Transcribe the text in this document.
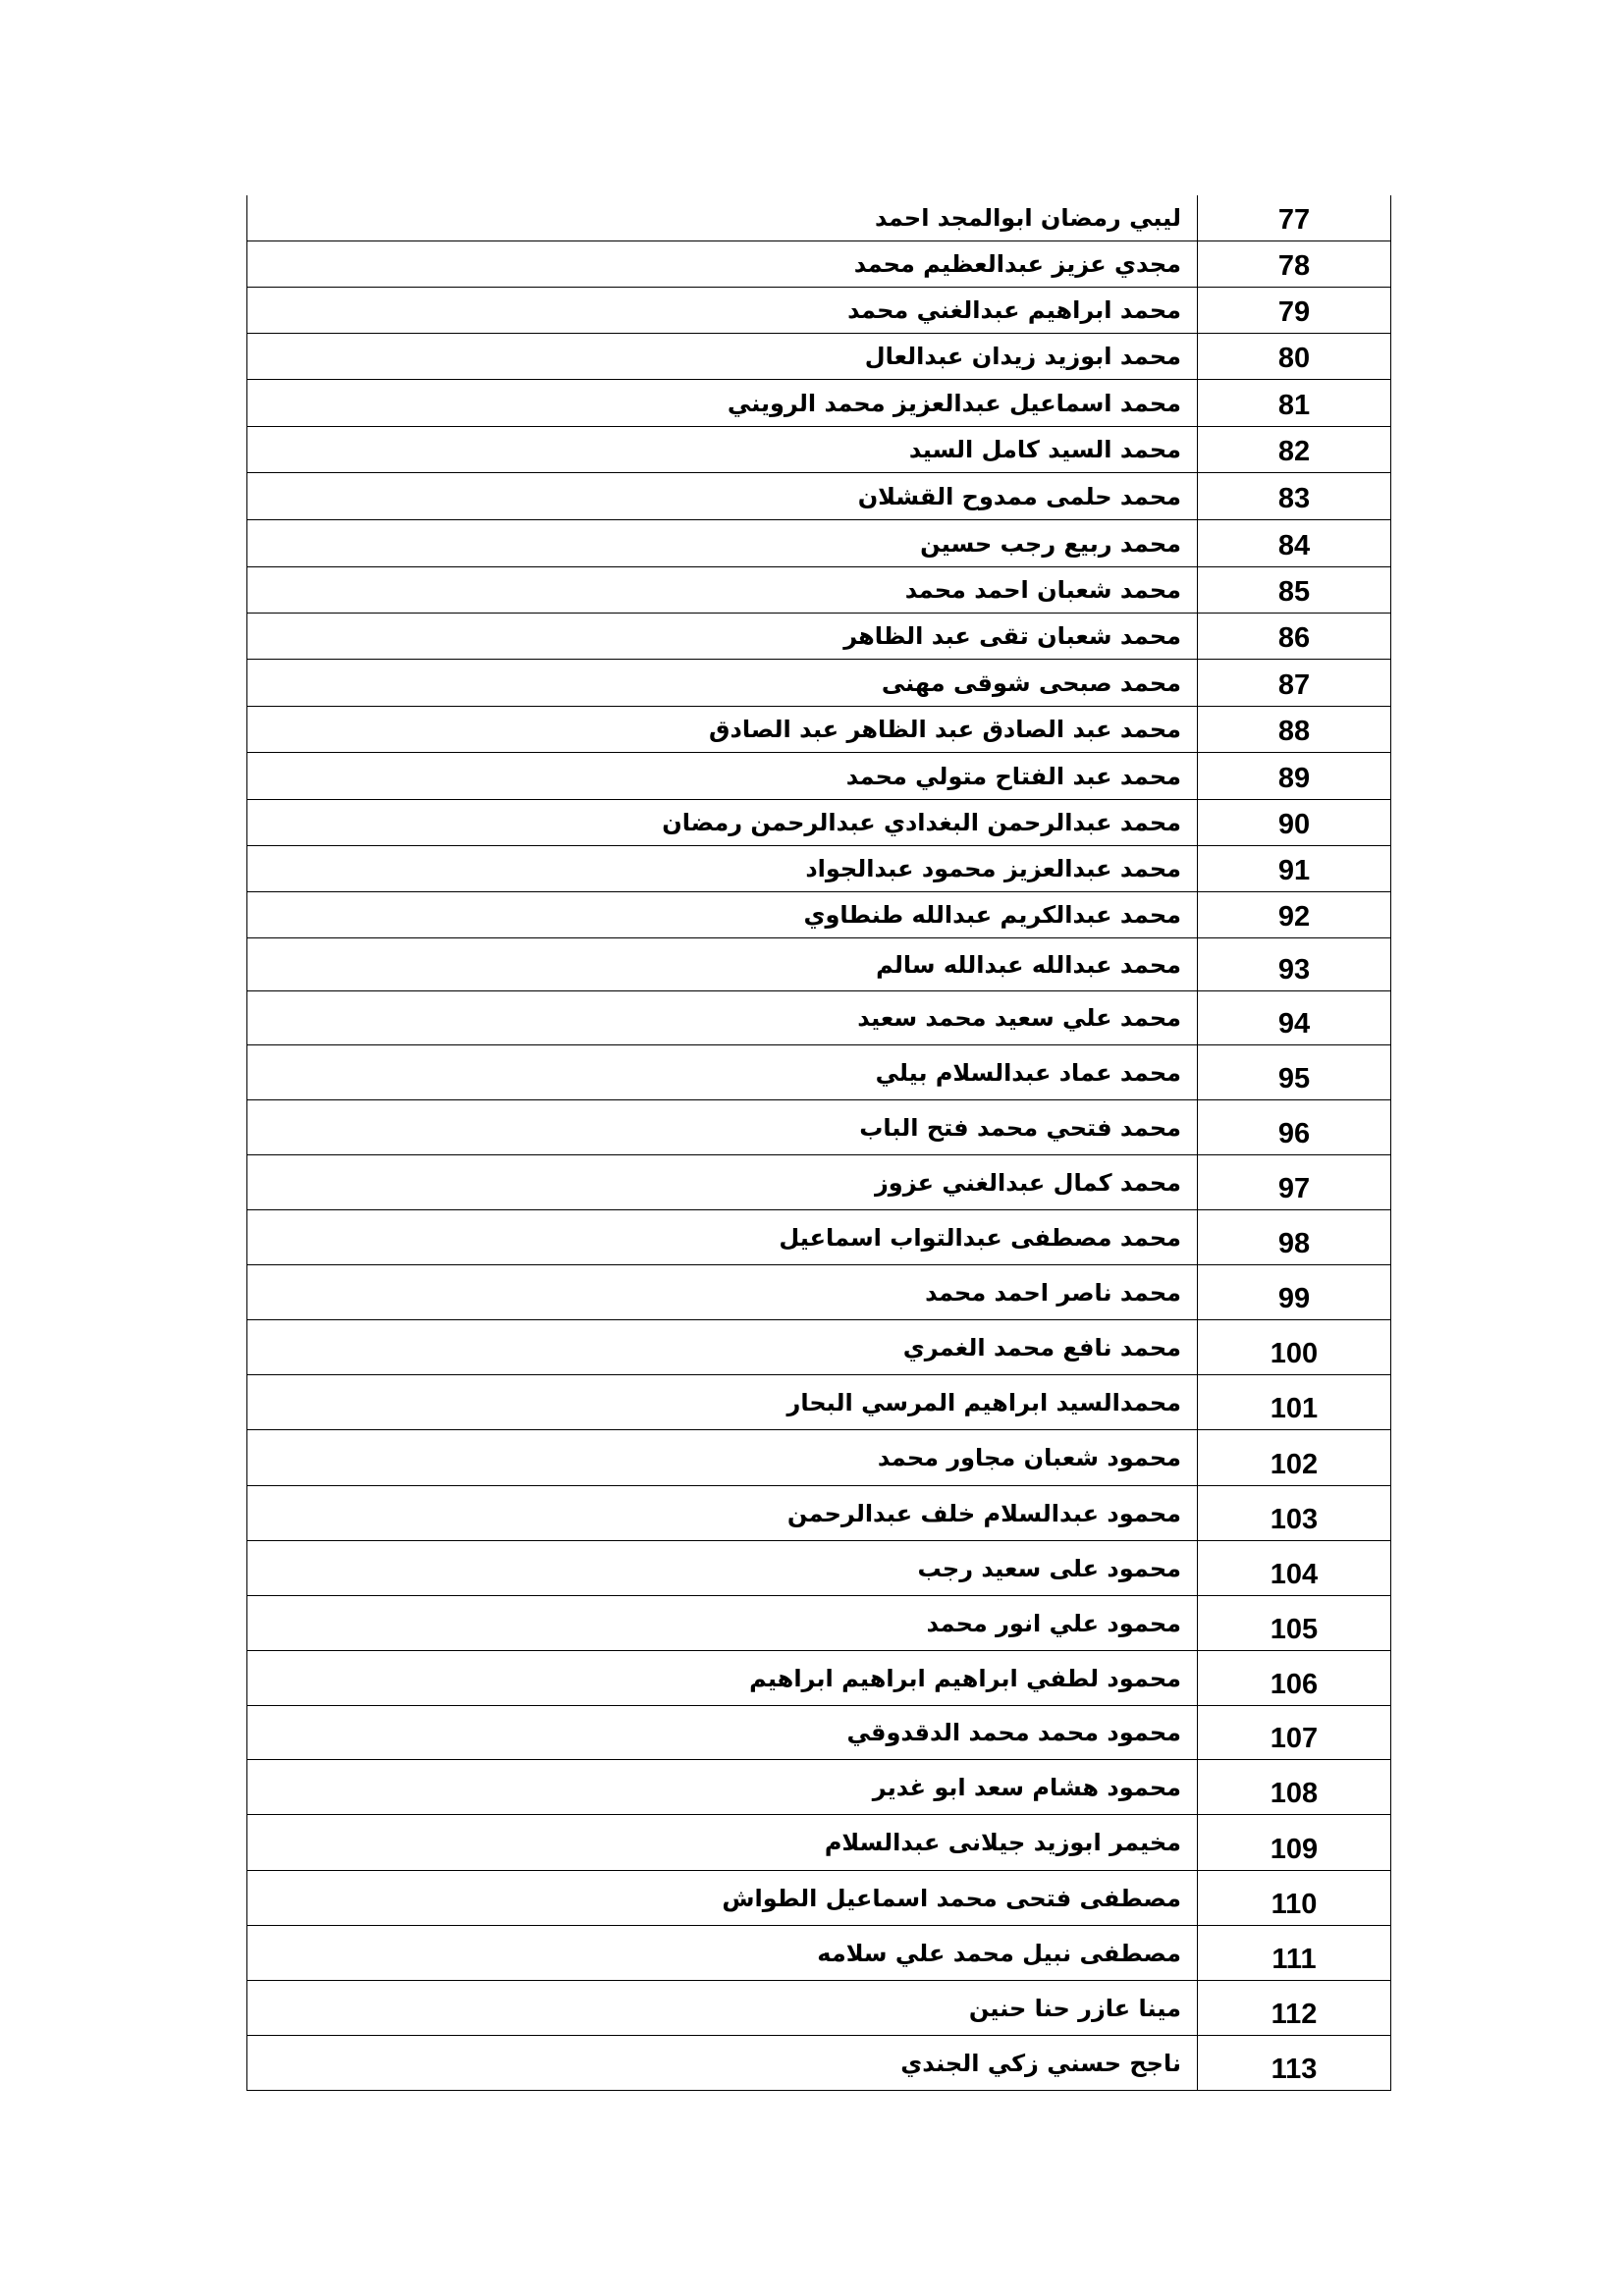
ليبي رمضان ابوالمجد احمد	77
مجدي عزيز عبدالعظيم محمد	78
محمد ابراهيم عبدالغني محمد	79
محمد ابوزيد زيدان عبدالعال	80
محمد اسماعيل عبدالعزيز محمد الرويني	81
محمد السيد كامل السيد	82
محمد حلمى ممدوح القشلان	83
محمد ربيع رجب حسين	84
محمد شعبان احمد محمد	85
محمد شعبان تقى عبد الظاهر	86
محمد صبحى شوقى مهنى	87
محمد عبد الصادق عبد الظاهر عبد الصادق	88
محمد عبد الفتاح متولي محمد	89
محمد عبدالرحمن البغدادي عبدالرحمن رمضان	90
محمد عبدالعزيز محمود عبدالجواد	91
محمد عبدالكريم عبدالله طنطاوي	92
محمد عبدالله عبدالله سالم	93
محمد علي سعيد محمد سعيد	94
محمد عماد عبدالسلام بيلي	95
محمد فتحي محمد فتح الباب	96
محمد كمال عبدالغني عزوز	97
محمد مصطفى عبدالتواب اسماعيل	98
محمد ناصر احمد محمد	99
محمد نافع محمد الغمري	100
محمدالسيد ابراهيم المرسي البحار	101
محمود شعبان مجاور محمد	102
محمود عبدالسلام خلف عبدالرحمن	103
محمود على سعيد رجب	104
محمود علي انور محمد	105
محمود لطفي ابراهيم ابراهيم ابراهيم	106
محمود محمد محمد الدقدوقي	107
محمود هشام سعد ابو غدير	108
مخيمر ابوزيد جيلانى عبدالسلام	109
مصطفى فتحى محمد اسماعيل الطواش	110
مصطفى نبيل محمد علي سلامه	111
مينا عازر حنا حنين	112
ناجح حسني زكي الجندي	113
